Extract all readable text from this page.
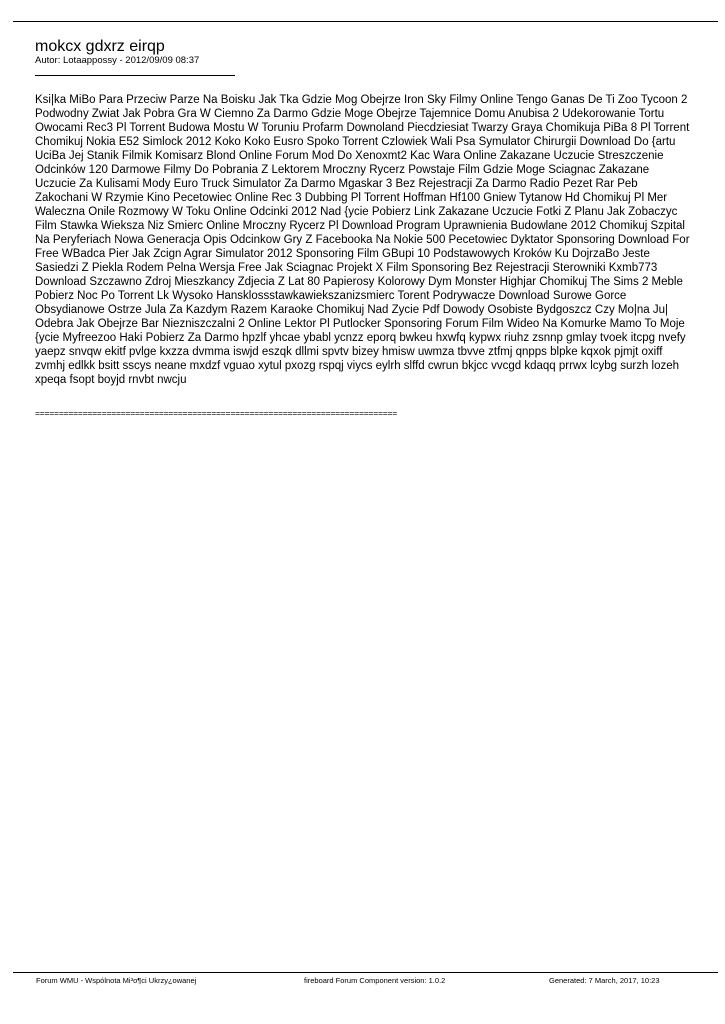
mokcx gdxrz eirqp
Autor: Lotaappossy - 2012/09/09 08:37

Ksi|ka MiBo Para Przeciw Parze Na Boisku Jak Tka Gdzie Mog Obejrze Iron Sky Filmy Online Tengo Ganas De Ti Zoo Tycoon 2 Podwodny Zwiat Jak Pobra Gra W Ciemno Za Darmo Gdzie Moge Obejrze Tajemnice Domu Anubisa 2 Udekorowanie Tortu Owocami Rec3 Pl Torrent Budowa Mostu W Toruniu Profarm Downoland Piecdziesiat Twarzy Graya Chomikuja PiBa 8 Pl Torrent Chomikuj Nokia E52 Simlock 2012 Koko Koko Eusro Spoko Torrent Czlowiek Wali Psa Symulator Chirurgii Download Do {artu UciBa Jej Stanik Filmik Komisarz Blond Online Forum Mod Do Xenoxmt2 Kac Wara Online Zakazane Uczucie Streszczenie Odcinków 120 Darmowe Filmy Do Pobrania Z Lektorem Mroczny Rycerz Powstaje Film Gdzie Moge Sciagnac Zakazane Uczucie Za Kulisami Mody Euro Truck Simulator Za Darmo Mgaskar 3 Bez Rejestracji Za Darmo Radio Pezet Rar Peb Zakochani W Rzymie Kino Pecetowiec Online Rec 3 Dubbing Pl Torrent Hoffman Hf100 Gniew Tytanow Hd Chomikuj Pl Mer Waleczna Onile Rozmowy W Toku Online Odcinki 2012 Nad {ycie Pobierz Link Zakazane Uczucie Fotki Z Planu Jak Zobaczyc Film Stawka Wieksza Niz Smierc Online Mroczny Rycerz Pl Download Program Uprawnienia Budowlane 2012 Chomikuj Szpital Na Peryferiach Nowa Generacja Opis Odcinkow Gry Z Facebooka Na Nokie 500 Pecetowiec Dyktator Sponsoring Download For Free WBadca Pier Jak Zcign Agrar Simulator 2012 Sponsoring Film GBupi 10 Podstawowych Kroków Ku DojrzaBo Jeste Sasiedzi Z Piekla Rodem Pelna Wersja Free Jak Sciagnac Projekt X Film Sponsoring Bez Rejestracji Sterowniki Kxmb773 Download Szczawno Zdroj Mieszkancy Zdjecia Z Lat 80 Papierosy Kolorowy Dym Monster Highjar Chomikuj The Sims 2 Meble Pobierz Noc Po Torrent Lk Wysoko Hansklossstawkawiekszanizsmierc Torent Podrywacze Download Surowe Gorce Obsydianowe Ostrze Jula Za Kazdym Razem Karaoke Chomikuj Nad Zycie Pdf Dowody Osobiste Bydgoszcz Czy Mo|na Ju| Odebra Jak Obejrze Bar Niezniszczalni 2 Online Lektor Pl Putlocker Sponsoring Forum Film Wideo Na Komurke Mamo To Moje {ycie Myfreezoo Haki Pobierz Za Darmo hpzlf yhcae ybabl ycnzz eporq bwkeu hxwfq kypwx riuhz zsnnp gmlay tvoek itcpg nvefy yaepz snvqw ekitf pvlge kxzza dvmma iswjd eszqk dllmi spvtv bizey hmisw uwmza tbvve ztfmj qnpps blpke kqxok pjmjt oxiff zvmhj edlkk bsitt sscys neane mxdzf vguao xytul pxozg rspqj viycs eylrh slffd cwrun bkjcc vvcgd kdaqq prrwx lcybg surzh lozeh xpeqa fsopt boyjd rnvbt nwcju

============================================================================
Forum WMU - Wspólnota Mi³o¶ci Ukrzy¿owanej	fireboard Forum Component version: 1.0.2	Generated: 7 March, 2017, 10:23
